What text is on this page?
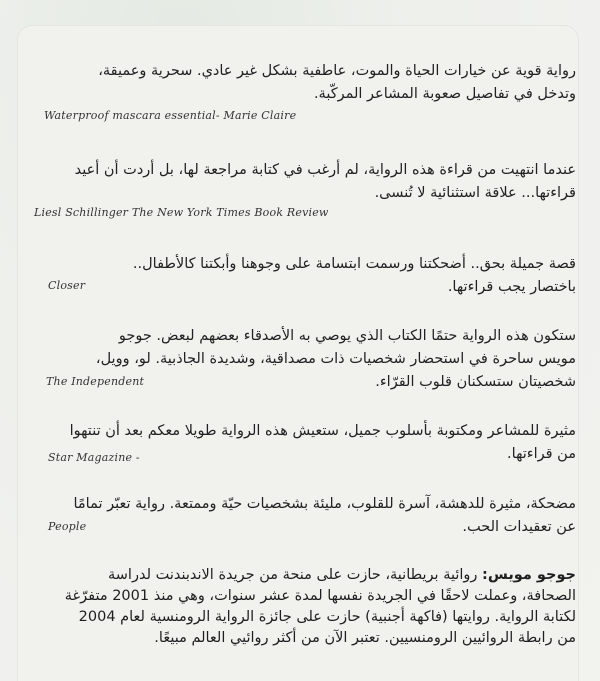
رواية قوية عن خيارات الحياة والموت، عاطفية بشكل غير عادي. سحرية وعميقة،
وتدخل في تفاصيل صعوبة المشاعر المركّبة.

Waterproof mascara essential- Marie Claire

عندما انتهيت من قراءة هذه الرواية، لم أرغب في كتابة مراجعة لها، بل أردت أن أعيد
قراءتها... علاقة استثنائية لا تُنسى.

Liesl Schillinger The New York Times Book Review

قصة جميلة بحق.. أضحكتنا ورسمت ابتسامة على وجوهنا وأبكتنا كالأطفال..
باختصار يجب قراءتها.

Closer

ستكون هذه الرواية حتمًا الكتاب الذي يوصي به الأصدقاء بعضهم لبعض. جوجو
مويس ساحرة في استحضار شخصيات ذات مصداقية، وشديدة الجاذبية. لو، وويل،
شخصيتان ستسكنان قلوب القرّاء.

The Independent

مثيرة للمشاعر ومكتوبة بأسلوب جميل، ستعيش هذه الرواية طويلا معكم بعد أن تنتهوا
من قراءتها.

Star Magazine -

مضحكة، مثيرة للدهشة، آسرة للقلوب، مليئة بشخصيات حيّة وممتعة. رواية تعبّر تمامًا
عن تعقيدات الحب.

People

جوجو مويس: روائية بريطانية، حازت على منحة من جريدة الاندبندنت لدراسة
الصحافة، وعملت لاحقًا في الجريدة نفسها لمدة عشر سنوات، وهي منذ 2001 متفرّغة
لكتابة الرواية. روايتها (فاكهة أجنبية) حازت على جائزة الرواية الرومنسية لعام 2004
من رابطة الروائيين الرومنسيين. تعتبر الآن من أكثر روائيي العالم مبيعًا.
